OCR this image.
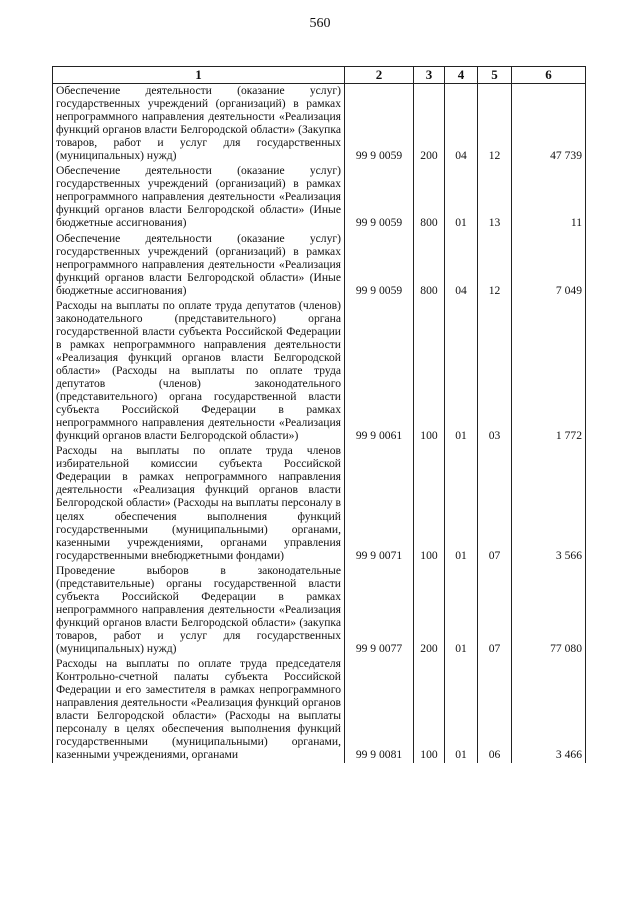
560
1	2	3	4	5	6
Обеспечение деятельности (оказание услуг) государственных учреждений (организаций) в рамках непрограммного направления деятельности «Реализация функций органов власти Белгородской области» (Закупка товаров, работ и услуг для государственных (муниципальных) нужд)	99 9 0059	200	04	12	47 739
Обеспечение деятельности (оказание услуг) государственных учреждений (организаций) в рамках непрограммного направления деятельности «Реализация функций органов власти Белгородской области» (Иные бюджетные ассигнования)	99 9 0059	800	01	13	11
Обеспечение деятельности (оказание услуг) государственных учреждений (организаций) в рамках непрограммного направления деятельности «Реализация функций органов власти Белгородской области» (Иные бюджетные ассигнования)	99 9 0059	800	04	12	7 049
Расходы на выплаты по оплате труда депутатов (членов) законодательного (представительного) органа государственной власти субъекта Российской Федерации в рамках непрограммного направления деятельности «Реализация функций органов власти Белгородской области» (Расходы на выплаты по оплате труда депутатов (членов) законодательного (представительного) органа государственной власти субъекта Российской Федерации в рамках непрограммного направления деятельности «Реализация функций органов власти Белгородской области»)	99 9 0061	100	01	03	1 772
Расходы на выплаты по оплате труда членов избирательной комиссии субъекта Российской Федерации в рамках непрограммного направления деятельности «Реализация функций органов власти Белгородской области» (Расходы на выплаты персоналу в целях обеспечения выполнения функций государственными (муниципальными) органами, казенными учреждениями, органами управления государственными внебюджетными фондами)	99 9 0071	100	01	07	3 566
Проведение выборов в законодательные (представительные) органы государственной власти субъекта Российской Федерации в рамках непрограммного направления деятельности «Реализация функций органов власти Белгородской области» (закупка товаров, работ и услуг для государственных (муниципальных) нужд)	99 9 0077	200	01	07	77 080
Расходы на выплаты по оплате труда председателя Контрольно-счетной палаты субъекта Российской Федерации и его заместителя в рамках непрограммного направления деятельности «Реализация функций органов власти Белгородской области» (Расходы на выплаты персоналу в целях обеспечения выполнения функций государственными (муниципальными) органами, казенными учреждениями, органами	99 9 0081	100	01	06	3 466
